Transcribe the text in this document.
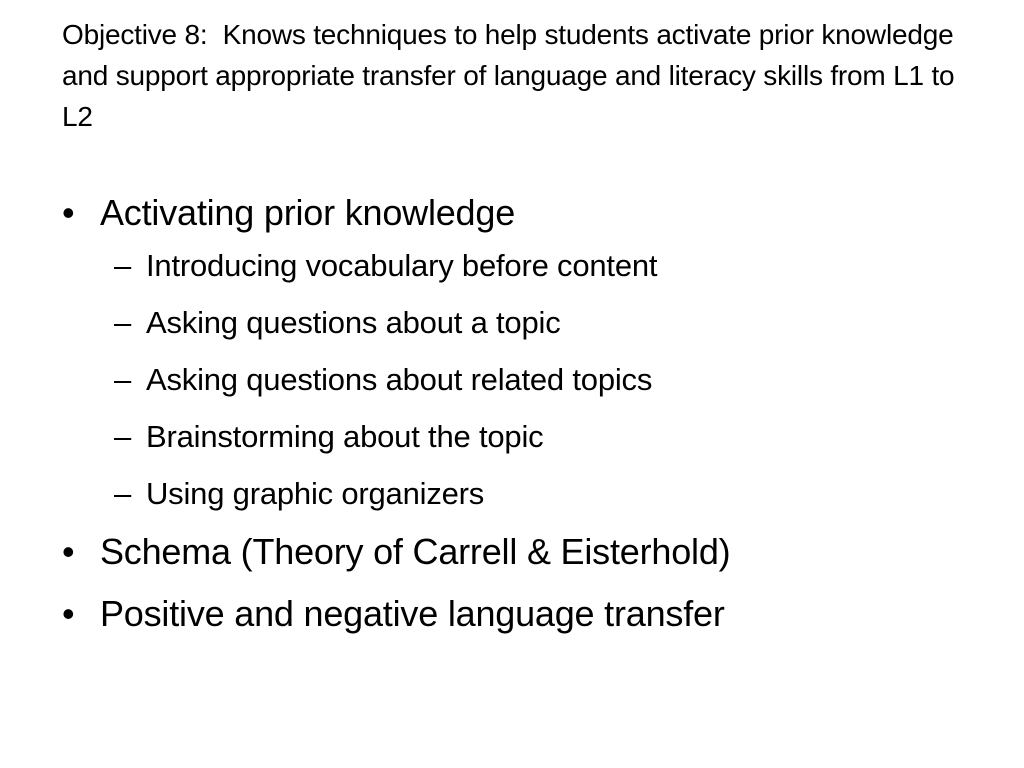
Objective 8:  Knows techniques to help students activate prior knowledge and support appropriate transfer of language and literacy skills from L1 to L2
• Activating prior knowledge
– Introducing vocabulary before content
– Asking questions about a topic
– Asking questions about related topics
– Brainstorming about the topic
– Using graphic organizers
• Schema (Theory of Carrell & Eisterhold)
• Positive and negative language transfer
